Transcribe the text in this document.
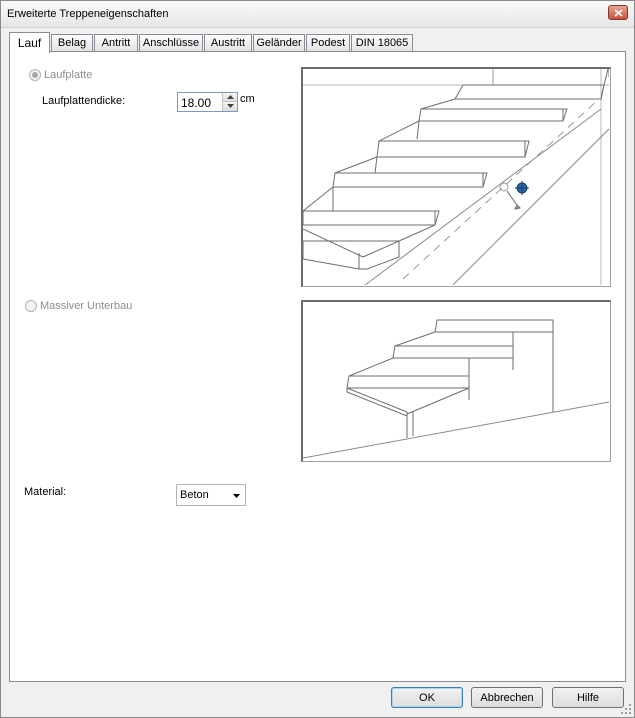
Erweiterte Treppeneigenschaften
Lauf	Belag	Antritt	Anschlüsse	Austritt	Geländer Podest DIN 18065
Laufplatte
Laufplattendicke:	18.00	cm
Massiver Unterbau
Material:	Beton
OK	Abbrechen	Hilfe
